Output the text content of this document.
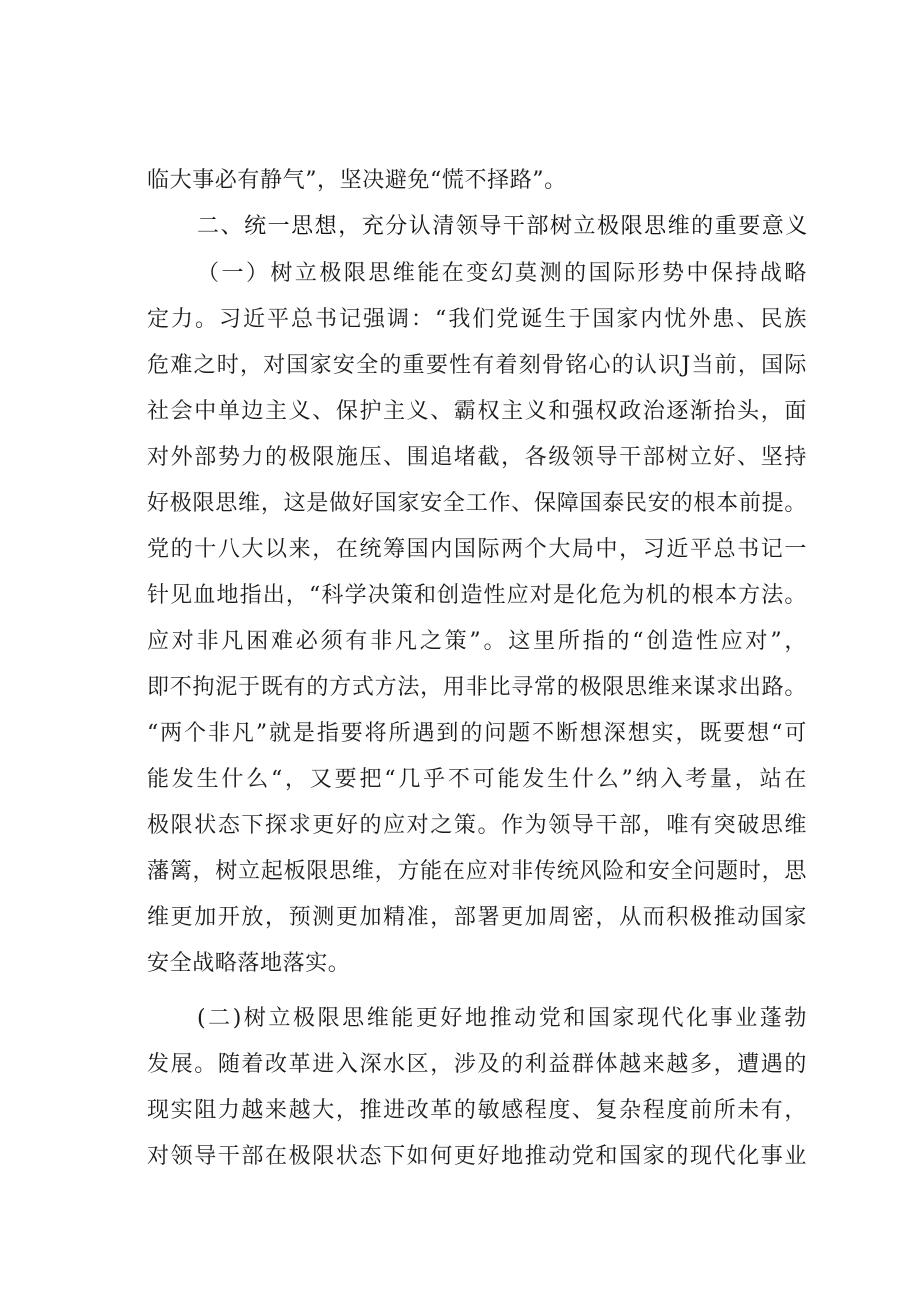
临大事必有静气”，坚决避免“慌不择路”。
二、统一思想，充分认清领导干部树立极限思维的重要意义
（一）树立极限思维能在变幻莫测的国际形势中保持战略
定力。习近平总书记强调：“我们党诞生于国家内忧外患、民族
危难之时，对国家安全的重要性有着刻骨铭心的认识J当前，国际
社会中单边主义、保护主义、霸权主义和强权政治逐渐抬头，面
对外部势力的极限施压、围追堵截，各级领导干部树立好、坚持
好极限思维，这是做好国家安全工作、保障国泰民安的根本前提。
党的十八大以来，在统筹国内国际两个大局中，习近平总书记一
针见血地指出，“科学决策和创造性应对是化危为机的根本方法。
应对非凡困难必须有非凡之策”。这里所指的“创造性应对”，
即不拘泥于既有的方式方法，用非比寻常的极限思维来谋求出路。
“两个非凡”就是指要将所遇到的问题不断想深想实，既要想“可
能发生什么“，又要把“几乎不可能发生什么”纳入考量，站在
极限状态下探求更好的应对之策。作为领导干部，唯有突破思维
藩篱，树立起板限思维，方能在应对非传统风险和安全问题时，思
维更加开放，预测更加精准，部署更加周密，从而积极推动国家
安全战略落地落实。
(二)树立极限思维能更好地推动党和国家现代化事业蓬勃
发展。随着改革进入深水区，涉及的利益群体越来越多，遭遇的
现实阻力越来越大，推进改革的敏感程度、复杂程度前所未有，
对领导干部在极限状态下如何更好地推动党和国家的现代化事业
